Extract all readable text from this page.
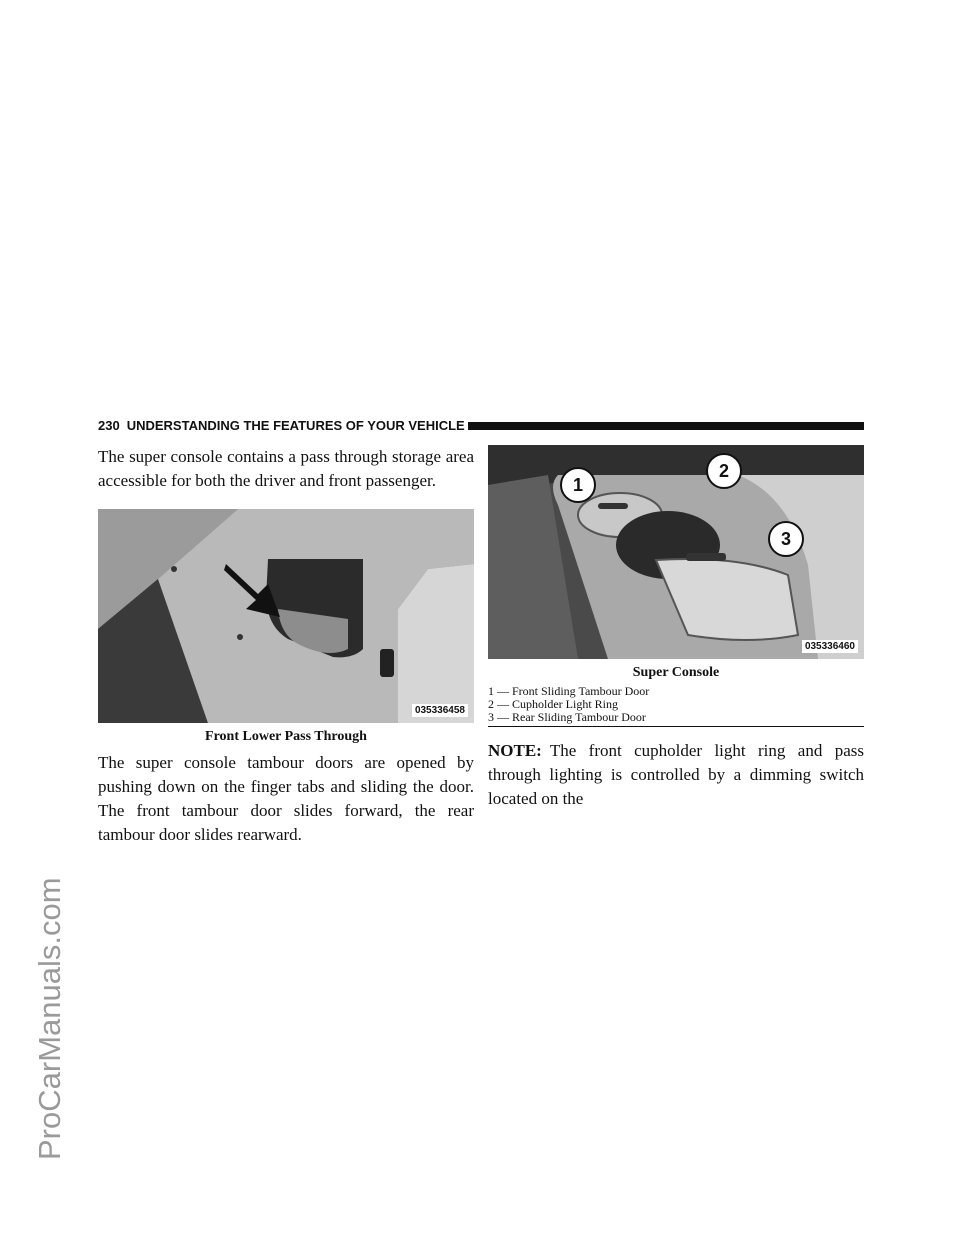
ProCarManuals.com
230 UNDERSTANDING THE FEATURES OF YOUR VEHICLE

The super console contains a pass through storage area accessible for both the driver and front passenger.

035336458

Front Lower Pass Through

The super console tambour doors are opened by pushing down on the finger tabs and sliding the door. The front tambour door slides forward, the rear tambour door slides rearward.

1
2
3
035336460

Super Console

1 — Front Sliding Tambour Door
2 — Cupholder Light Ring
3 — Rear Sliding Tambour Door

NOTE: The front cupholder light ring and pass through lighting is controlled by a dimming switch located on the
